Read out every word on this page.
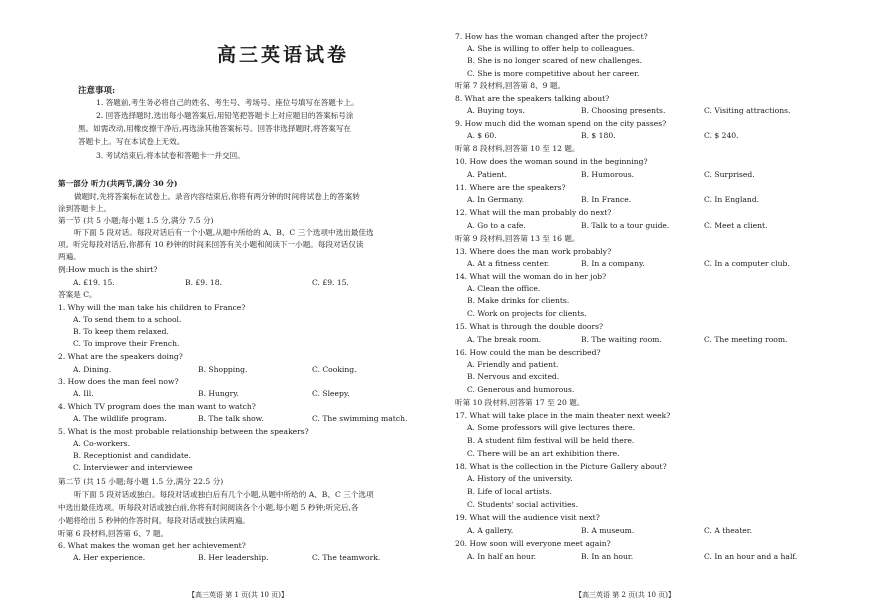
高三英语试卷
注意事项:
1. 答题前,考生务必将自己的姓名、考生号、考场号、座位号填写在答题卡上。
2. 回答选择题时,选出每小题答案后,用铅笔把答题卡上对应题目的答案标号涂
黑。如需改动,用橡皮擦干净后,再选涂其他答案标号。回答非选择题时,将答案写在
答题卡上。写在本试卷上无效。
3. 考试结束后,将本试卷和答题卡一并交回。
第一部分 听力(共两节,满分 30 分)
做题时,先将答案标在试卷上。录音内容结束后,你将有两分钟的时间将试卷上的答案转
涂到答题卡上。
第一节 (共 5 小题;每小题 1.5 分,满分 7.5 分)
听下面 5 段对话。每段对话后有一个小题,从题中所给的 A、B、C 三个选项中选出最佳选
项。听完每段对话后,你都有 10 秒钟的时间来回答有关小题和阅读下一小题。每段对话仅读
两遍。
例:How much is the shirt?
A. £19. 15.	B. £9. 18.	C. £9. 15.
答案是 C。
1. Why will the man take his children to France?
A. To send them to a school.
B. To keep them relaxed.
C. To improve their French.
2. What are the speakers doing?
A. Dining.	B. Shopping.	C. Cooking.
3. How does the man feel now?
A. Ill.	B. Hungry.	C. Sleepy.
4. Which TV program does the man want to watch?
A. The wildlife program.	B. The talk show.	C. The swimming match.
5. What is the most probable relationship between the speakers?
A. Co-workers.
B. Receptionist and candidate.
C. Interviewer and interviewee
第二节 (共 15 小题;每小题 1.5 分,满分 22.5 分)
听下面 5 段对话或独白。每段对话或独白后有几个小题,从题中所给的 A、B、C 三个选项
中选出最佳选项。听每段对话或独白前,你将有时间阅读各个小题,每小题 5 秒钟;听完后,各
小题将给出 5 秒钟的作答时间。每段对话或独白读两遍。
听第 6 段材料,回答第 6、7 题。
6. What makes the woman get her achievement?
A. Her experience.	B. Her leadership.	C. The teamwork.
【高三英语 第 1 页(共 10 页)】
7. How has the woman changed after the project?
A. She is willing to offer help to colleagues.
B. She is no longer scared of new challenges.
C. She is more competitive about her career.
听第 7 段材料,回答第 8、9 题。
8. What are the speakers talking about?
A. Buying toys.	B. Choosing presents.	C. Visiting attractions.
9. How much did the woman spend on the city passes?
A. $ 60.	B. $ 180.	C. $ 240.
听第 8 段材料,回答第 10 至 12 题。
10. How does the woman sound in the beginning?
A. Patient.	B. Humorous.	C. Surprised.
11. Where are the speakers?
A. In Germany.	B. In France.	C. In England.
12. What will the man probably do next?
A. Go to a cafe.	B. Talk to a tour guide.	C. Meet a client.
听第 9 段材料,回答第 13 至 16 题。
13. Where does the man work probably?
A. At a fitness center.	B. In a company.	C. In a computer club.
14. What will the woman do in her job?
A. Clean the office.
B. Make drinks for clients.
C. Work on projects for clients.
15. What is through the double doors?
A. The break room.	B. The waiting room.	C. The meeting room.
16. How could the man be described?
A. Friendly and patient.
B. Nervous and excited.
C. Generous and humorous.
听第 10 段材料,回答第 17 至 20 题。
17. What will take place in the main theater next week?
A. Some professors will give lectures there.
B. A student film festival will be held there.
C. There will be an art exhibition there.
18. What is the collection in the Picture Gallery about?
A. History of the university.
B. Life of local artists.
C. Students' social activities.
19. What will the audience visit next?
A. A gallery.	B. A museum.	C. A theater.
20. How soon will everyone meet again?
A. In half an hour.	B. In an hour.	C. In an hour and a half.
【高三英语 第 2 页(共 10 页)】
